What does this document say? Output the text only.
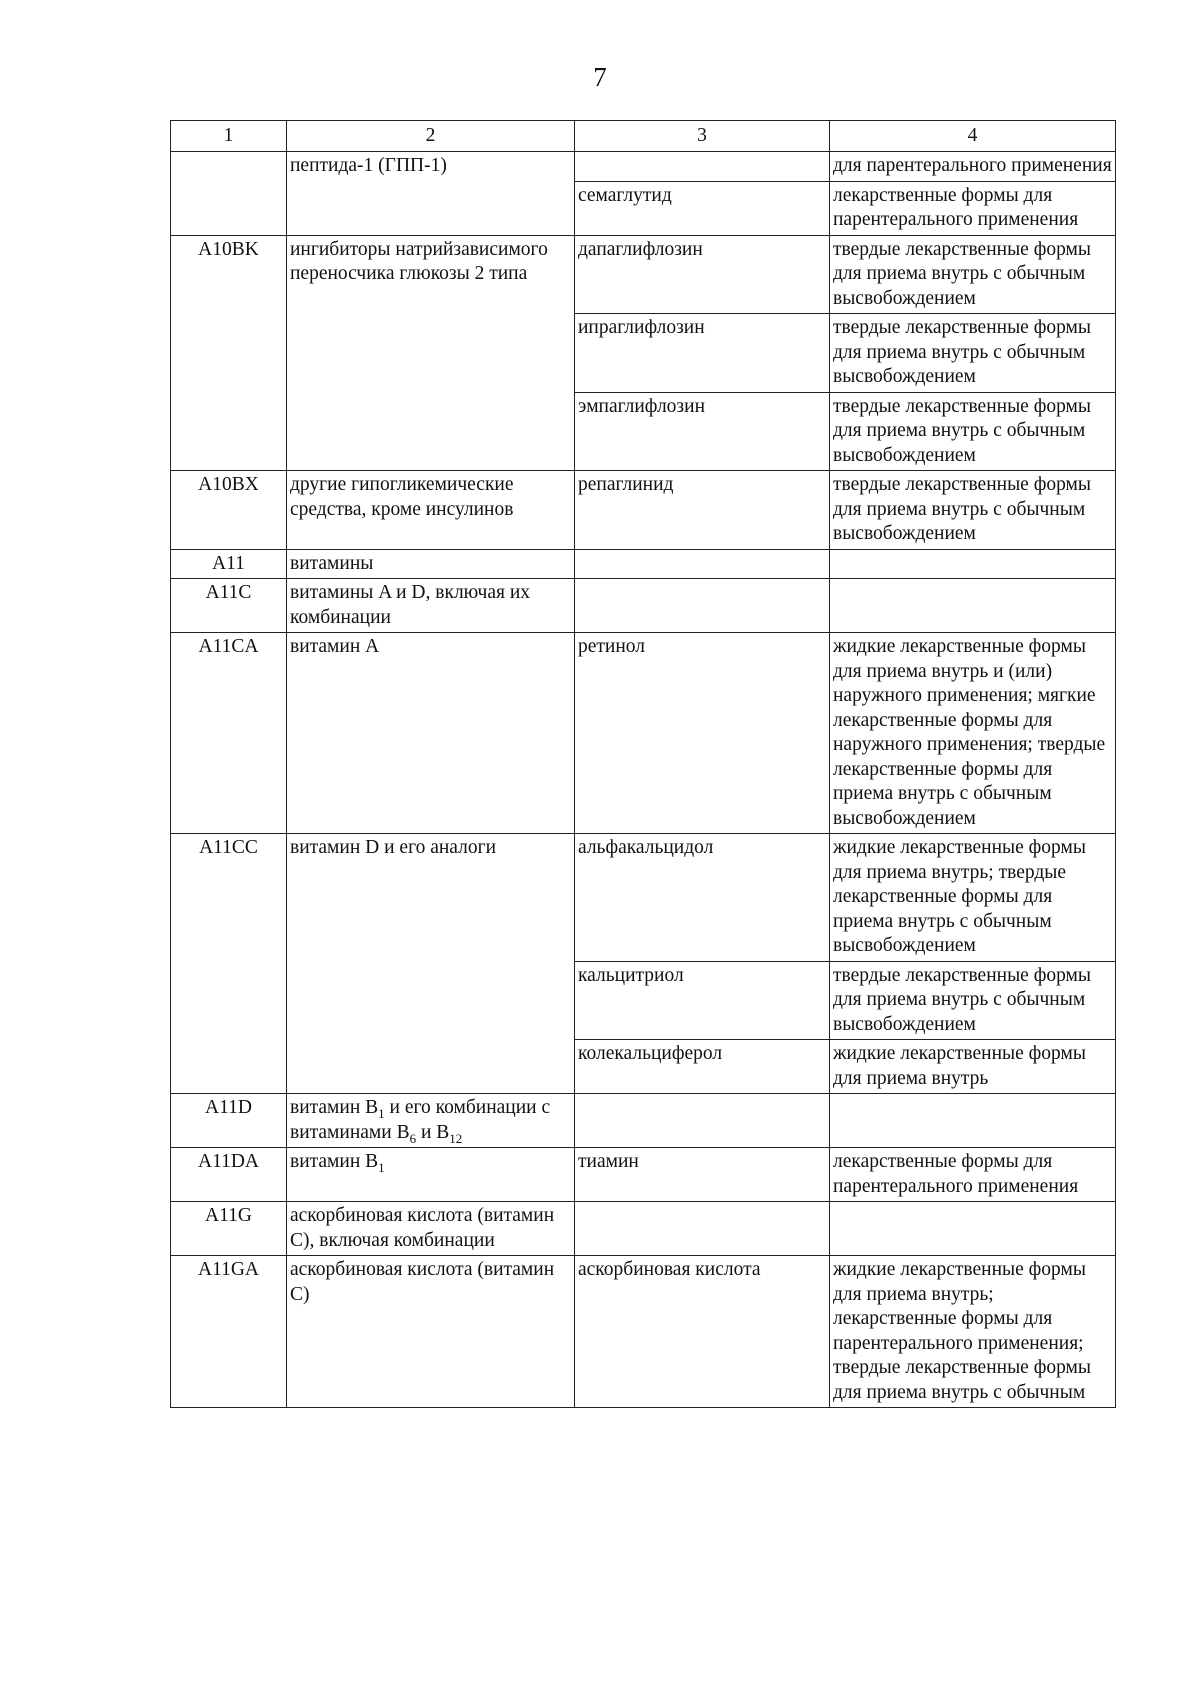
7
1	2	3	4
	пептида-1 (ГПП-1)		для парентерального применения
		семаглутид	лекарственные формы для парентерального применения
A10BK	ингибиторы натрийзависимого переносчика глюкозы 2 типа	дапаглифлозин	твердые лекарственные формы для приема внутрь с обычным высвобождением
		ипраглифлозин	твердые лекарственные формы для приема внутрь с обычным высвобождением
		эмпаглифлозин	твердые лекарственные формы для приема внутрь с обычным высвобождением
A10BX	другие гипогликемические средства, кроме инсулинов	репаглинид	твердые лекарственные формы для приема внутрь с обычным высвобождением
A11	витамины		
A11C	витамины A и D, включая их комбинации		
A11CA	витамин A	ретинол	жидкие лекарственные формы для приема внутрь и (или) наружного применения; мягкие лекарственные формы для наружного применения; твердые лекарственные формы для приема внутрь с обычным высвобождением
A11CC	витамин D и его аналоги	альфакальцидол	жидкие лекарственные формы для приема внутрь; твердые лекарственные формы для приема внутрь с обычным высвобождением
		кальцитриол	твердые лекарственные формы для приема внутрь с обычным высвобождением
		колекальциферол	жидкие лекарственные формы для приема внутрь
A11D	витамин $B_1$ и его комбинации с витаминами $B_6$ и $B_{12}$		
A11DA	витамин $B_1$	тиамин	лекарственные формы для парентерального применения
A11G	аскорбиновая кислота (витамин C), включая комбинации		
A11GA	аскорбиновая кислота (витамин C)	аскорбиновая кислота	жидкие лекарственные формы для приема внутрь; лекарственные формы для парентерального применения; твердые лекарственные формы для приема внутрь с обычным
